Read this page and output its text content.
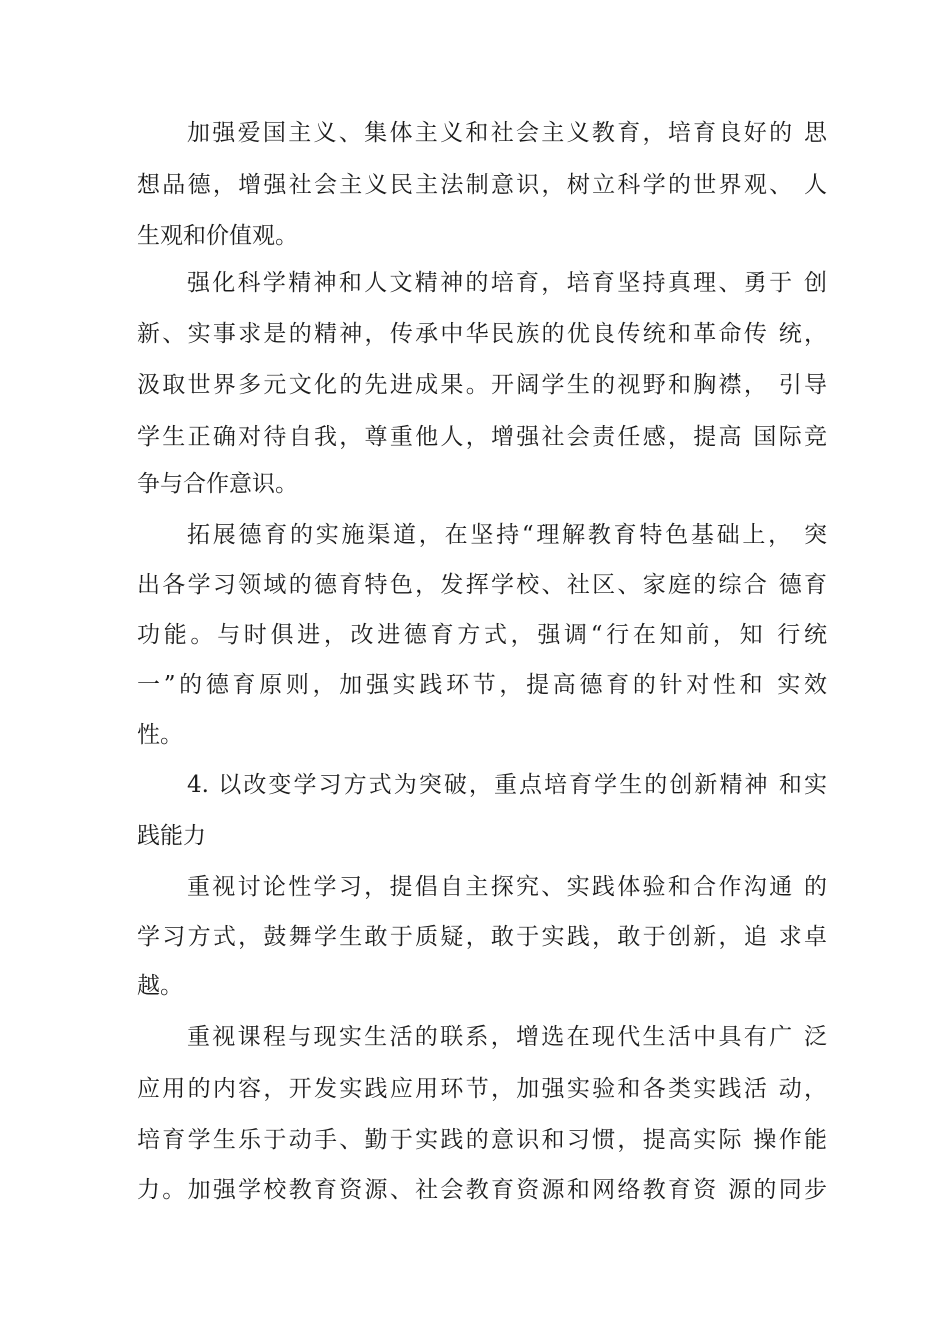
加强爱国主义、集体主义和社会主义教育，培育良好的 思

想品德，增强社会主义民主法制意识，树立科学的世界观、 人

生观和价值观。

强化科学精神和人文精神的培育，培育坚持真理、勇于 创

新、实事求是的精神，传承中华民族的优良传统和革命传 统，

汲取世界多元文化的先进成果。开阔学生的视野和胸襟， 引导

学生正确对待自我，尊重他人，增强社会责任感，提高 国际竞

争与合作意识。

拓展德育的实施渠道，在坚持“理解教育特色基础上， 突

出各学习领域的德育特色，发挥学校、社区、家庭的综合 德育

功能。与时俱进，改进德育方式，强调“行在知前，知 行统

一”的德育原则，加强实践环节，提高德育的针对性和 实效

性。

4. 以改变学习方式为突破，重点培育学生的创新精神 和实

践能力

重视讨论性学习，提倡自主探究、实践体验和合作沟通 的

学习方式，鼓舞学生敢于质疑，敢于实践，敢于创新，追 求卓

越。

重视课程与现实生活的联系，增选在现代生活中具有广 泛

应用的内容，开发实践应用环节，加强实验和各类实践活 动，

培育学生乐于动手、勤于实践的意识和习惯，提高实际 操作能

力。加强学校教育资源、社会教育资源和网络教育资 源的同步
